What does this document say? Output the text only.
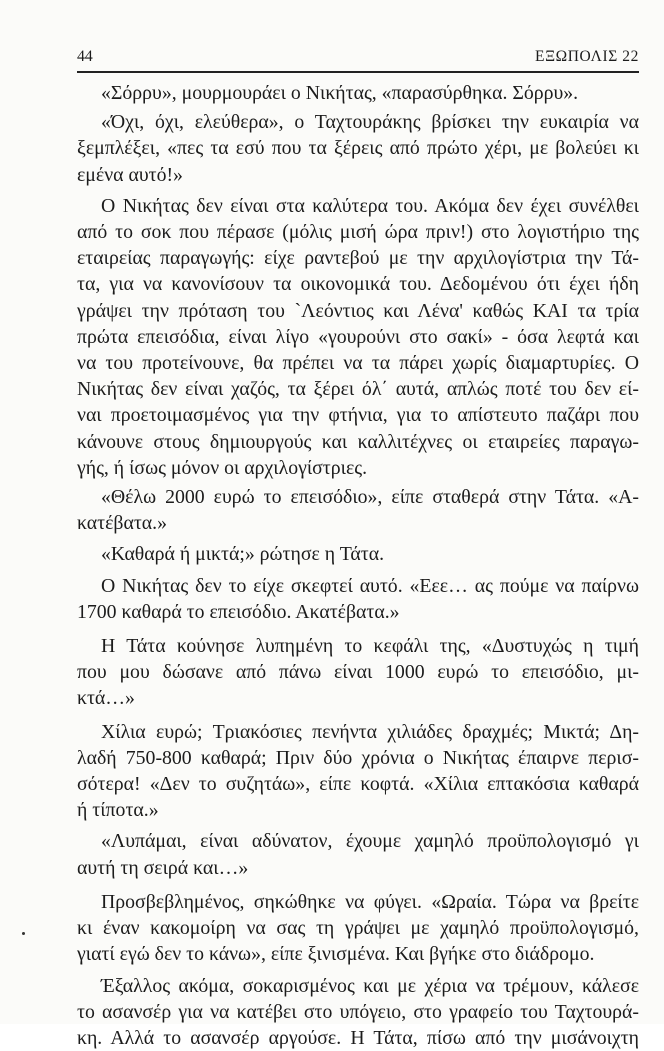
44	ΕΞΩΠΟΛΙΣ 22
«Σόρρυ», μουρμουράει ο Νικήτας, «παρασύρθηκα. Σόρρυ».
«Όχι, όχι, ελεύθερα», ο Ταχτουράκης βρίσκει την ευκαιρία να
ξεμπλέξει, «πες τα εσύ που τα ξέρεις από πρώτο χέρι, με βολεύει κι
εμένα αυτό!»
Ο Νικήτας δεν είναι στα καλύτερα του. Ακόμα δεν έχει συνέλθει
από το σοκ που πέρασε (μόλις μισή ώρα πριν!) στο λογιστήριο της
εταιρείας παραγωγής: είχε ραντεβού με την αρχιλογίστρια την Τά-
τα, για να κανονίσουν τα οικονομικά του. Δεδομένου ότι έχει ήδη
γράψει την πρόταση του `Λεόντιος και Λένα' καθώς ΚΑΙ τα τρία
πρώτα επεισόδια, είναι λίγο «γουρούνι στο σακί» - όσα λεφτά και
να του προτείνουνε, θα πρέπει να τα πάρει χωρίς διαμαρτυρίες. Ο
Νικήτας δεν είναι χαζός, τα ξέρει όλ΄ αυτά, απλώς ποτέ του δεν εί-
ναι προετοιμασμένος για την φτήνια, για το απίστευτο παζάρι που
κάνουνε στους δημιουργούς και καλλιτέχνες οι εταιρείες παραγω-
γής, ή ίσως μόνον οι αρχιλογίστριες.
«Θέλω 2000 ευρώ το επεισόδιο», είπε σταθερά στην Τάτα. «Α-
κατέβατα.»
«Καθαρά ή μικτά;» ρώτησε η Τάτα.
Ο Νικήτας δεν το είχε σκεφτεί αυτό. «Εεε… ας πούμε να παίρνω
1700 καθαρά το επεισόδιο. Ακατέβατα.»
Η Τάτα κούνησε λυπημένη το κεφάλι της, «Δυστυχώς η τιμή
που μου δώσανε από πάνω είναι 1000 ευρώ το επεισόδιο, μι-
κτά…»
Χίλια ευρώ; Τριακόσιες πενήντα χιλιάδες δραχμές; Μικτά; Δη-
λαδή 750-800 καθαρά; Πριν δύο χρόνια ο Νικήτας έπαιρνε περισ-
σότερα! «Δεν το συζητάω», είπε κοφτά. «Χίλια επτακόσια καθαρά
ή τίποτα.»
«Λυπάμαι, είναι αδύνατον, έχουμε χαμηλό προϋπολογισμό γι
αυτή τη σειρά και…»
Προσβεβλημένος, σηκώθηκε να φύγει. «Ωραία. Τώρα να βρείτε
κι έναν κακομοίρη να σας τη γράψει με χαμηλό προϋπολογισμό,
γιατί εγώ δεν το κάνω», είπε ξινισμένα. Και βγήκε στο διάδρομο.
Έξαλλος ακόμα, σοκαρισμένος και με χέρια να τρέμουν, κάλεσε
το ασανσέρ για να κατέβει στο υπόγειο, στο γραφείο του Ταχτουρά-
κη. Αλλά το ασανσέρ αργούσε. Η Τάτα, πίσω από την μισάνοιχτη
